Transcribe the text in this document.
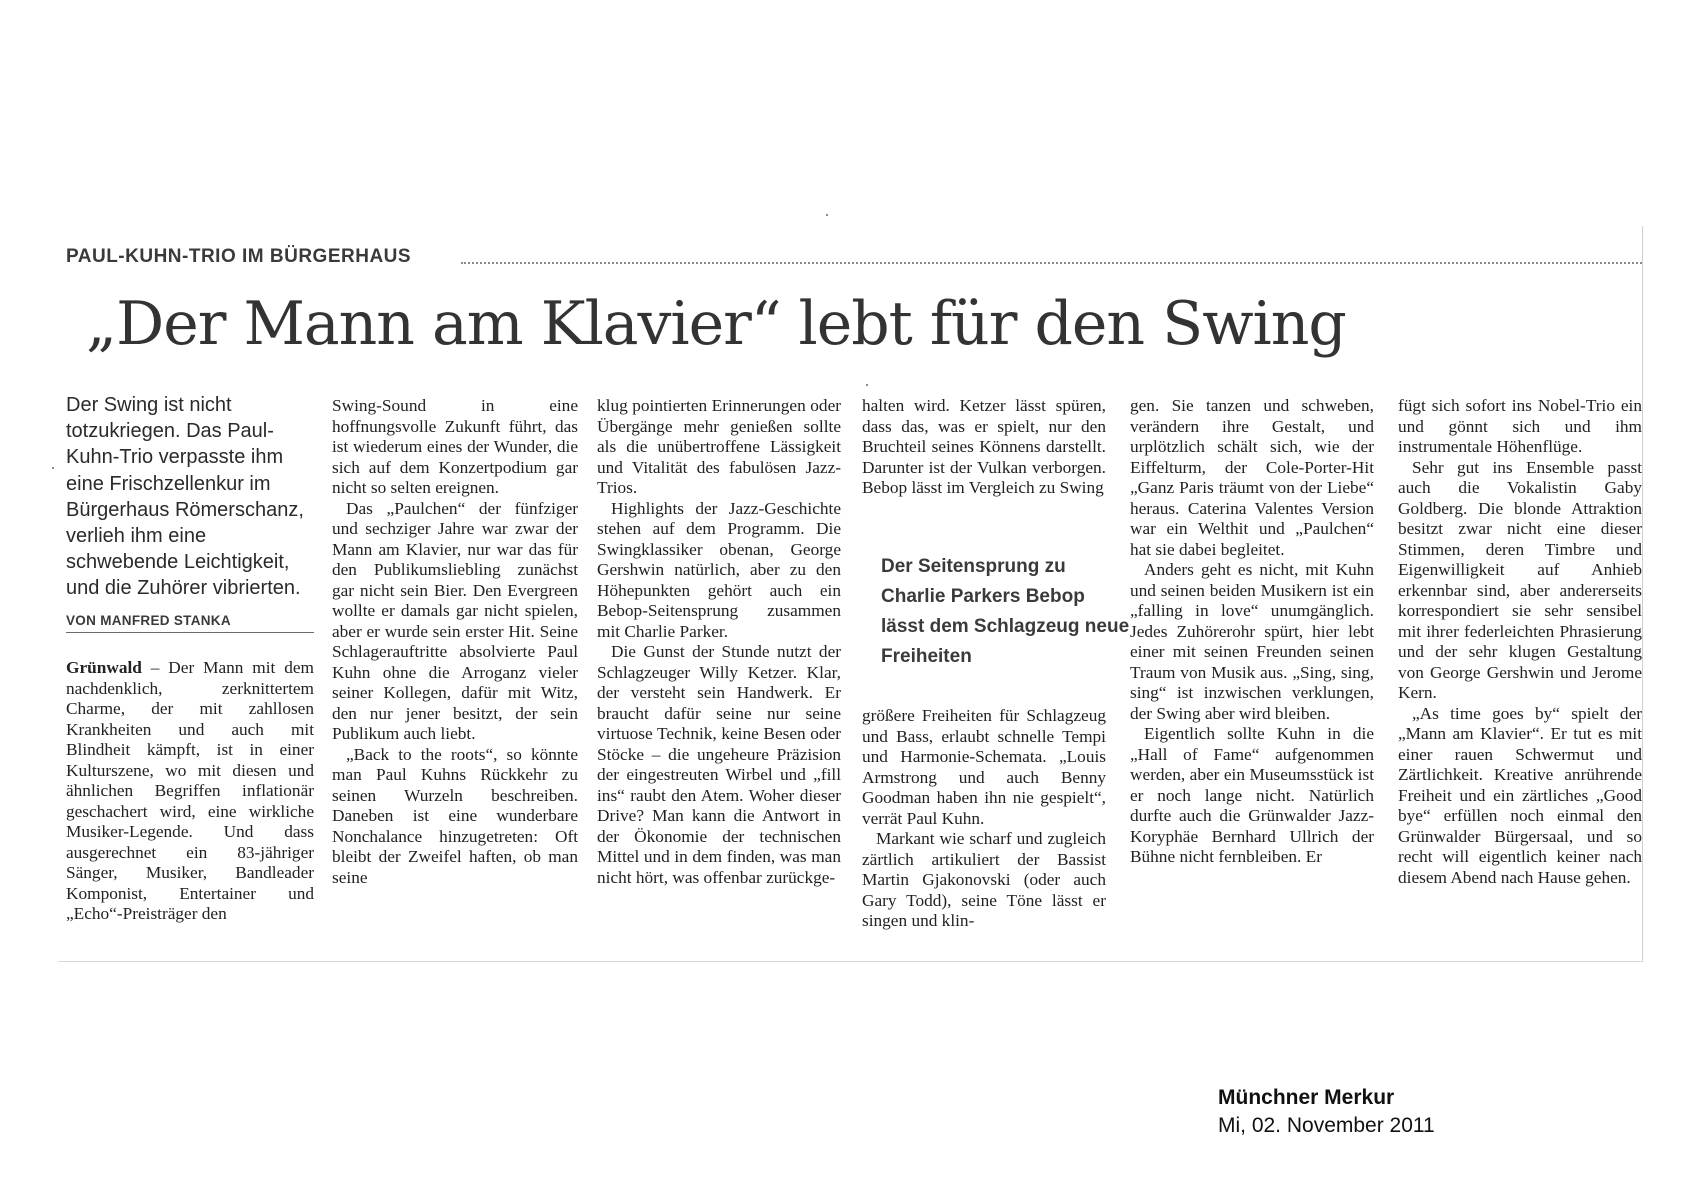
PAUL-KUHN-TRIO IM BÜRGERHAUS
„Der Mann am Klavier“ lebt für den Swing
Der Swing ist nicht totzukriegen. Das Paul-Kuhn-Trio verpasste ihm eine Frischzellenkur im Bürgerhaus Römerschanz, verlieh ihm eine schwebende Leichtigkeit, und die Zuhörer vibrierten.
VON MANFRED STANKA

Grünwald – Der Mann mit dem nachdenklich, zerknittertem Charme, der mit zahllosen Krankheiten und auch mit Blindheit kämpft, ist in einer Kulturszene, wo mit diesen und ähnlichen Begriffen inflationär geschachert wird, eine wirkliche Musiker-Legende. Und dass ausgerechnet ein 83-jähriger Sänger, Musiker, Bandleader Komponist, Entertainer und „Echo“-Preisträger den

Swing-Sound in eine hoffnungsvolle Zukunft führt, das ist wiederum eines der Wunder, die sich auf dem Konzertpodium gar nicht so selten ereignen.

Das „Paulchen“ der fünfziger und sechziger Jahre war zwar der Mann am Klavier, nur war das für den Publikumsliebling zunächst gar nicht sein Bier. Den Evergreen wollte er damals gar nicht spielen, aber er wurde sein erster Hit. Seine Schlagerauftritte absolvierte Paul Kuhn ohne die Arroganz vieler seiner Kollegen, dafür mit Witz, den nur jener besitzt, der sein Publikum auch liebt.

„Back to the roots“, so könnte man Paul Kuhns Rückkehr zu seinen Wurzeln beschreiben. Daneben ist eine wunderbare Nonchalance hinzugetreten: Oft bleibt der Zweifel haften, ob man seine

klug pointierten Erinnerungen oder Übergänge mehr genießen sollte als die unübertroffene Lässigkeit und Vitalität des fabulösen Jazz-Trios.

Highlights der Jazz-Geschichte stehen auf dem Programm. Die Swingklassiker obenan, George Gershwin natürlich, aber zu den Höhepunkten gehört auch ein Bebop-Seitensprung zusammen mit Charlie Parker.

Die Gunst der Stunde nutzt der Schlagzeuger Willy Ketzer. Klar, der versteht sein Handwerk. Er braucht dafür seine nur seine virtuose Technik, keine Besen oder Stöcke – die ungeheure Präzision der eingestreuten Wirbel und „fill ins“ raubt den Atem. Woher dieser Drive? Man kann die Antwort in der Ökonomie der technischen Mittel und in dem finden, was man nicht hört, was offenbar zurückge-

halten wird. Ketzer lässt spüren, dass das, was er spielt, nur den Bruchteil seines Könnens darstellt. Darunter ist der Vulkan verborgen. Bebop lässt im Vergleich zu Swing

Der Seitensprung zu Charlie Parkers Bebop lässt dem Schlagzeug neue Freiheiten

größere Freiheiten für Schlagzeug und Bass, erlaubt schnelle Tempi und Harmonie-Schemata. „Louis Armstrong und auch Benny Goodman haben ihn nie gespielt“, verrät Paul Kuhn.

Markant wie scharf und zugleich zärtlich artikuliert der Bassist Martin Gjakonovski (oder auch Gary Todd), seine Töne lässt er singen und klin-

gen. Sie tanzen und schweben, verändern ihre Gestalt, und urplötzlich schält sich, wie der Eiffelturm, der Cole-Porter-Hit „Ganz Paris träumt von der Liebe“ heraus. Caterina Valentes Version war ein Welthit und „Paulchen“ hat sie dabei begleitet.

Anders geht es nicht, mit Kuhn und seinen beiden Musikern ist ein „falling in love“ unumgänglich. Jedes Zuhörerohr spürt, hier lebt einer mit seinen Freunden seinen Traum von Musik aus. „Sing, sing, sing“ ist inzwischen verklungen, der Swing aber wird bleiben.

Eigentlich sollte Kuhn in die „Hall of Fame“ aufgenommen werden, aber ein Museumsstück ist er noch lange nicht. Natürlich durfte auch die Grünwalder Jazz-Koryphäe Bernhard Ullrich der Bühne nicht fernbleiben. Er

fügt sich sofort ins Nobel-Trio ein und gönnt sich und ihm instrumentale Höhenflüge.

Sehr gut ins Ensemble passt auch die Vokalistin Gaby Goldberg. Die blonde Attraktion besitzt zwar nicht eine dieser Stimmen, deren Timbre und Eigenwilligkeit auf Anhieb erkennbar sind, aber andererseits korrespondiert sie sehr sensibel mit ihrer federleichten Phrasierung und der sehr klugen Gestaltung von George Gershwin und Jerome Kern.

„As time goes by“ spielt der „Mann am Klavier“. Er tut es mit einer rauen Schwermut und Zärtlichkeit. Kreative anrührende Freiheit und ein zärtliches „Good bye“ erfüllen noch einmal den Grünwalder Bürgersaal, und so recht will eigentlich keiner nach diesem Abend nach Hause gehen.

Münchner Merkur
Mi, 02. November 2011
